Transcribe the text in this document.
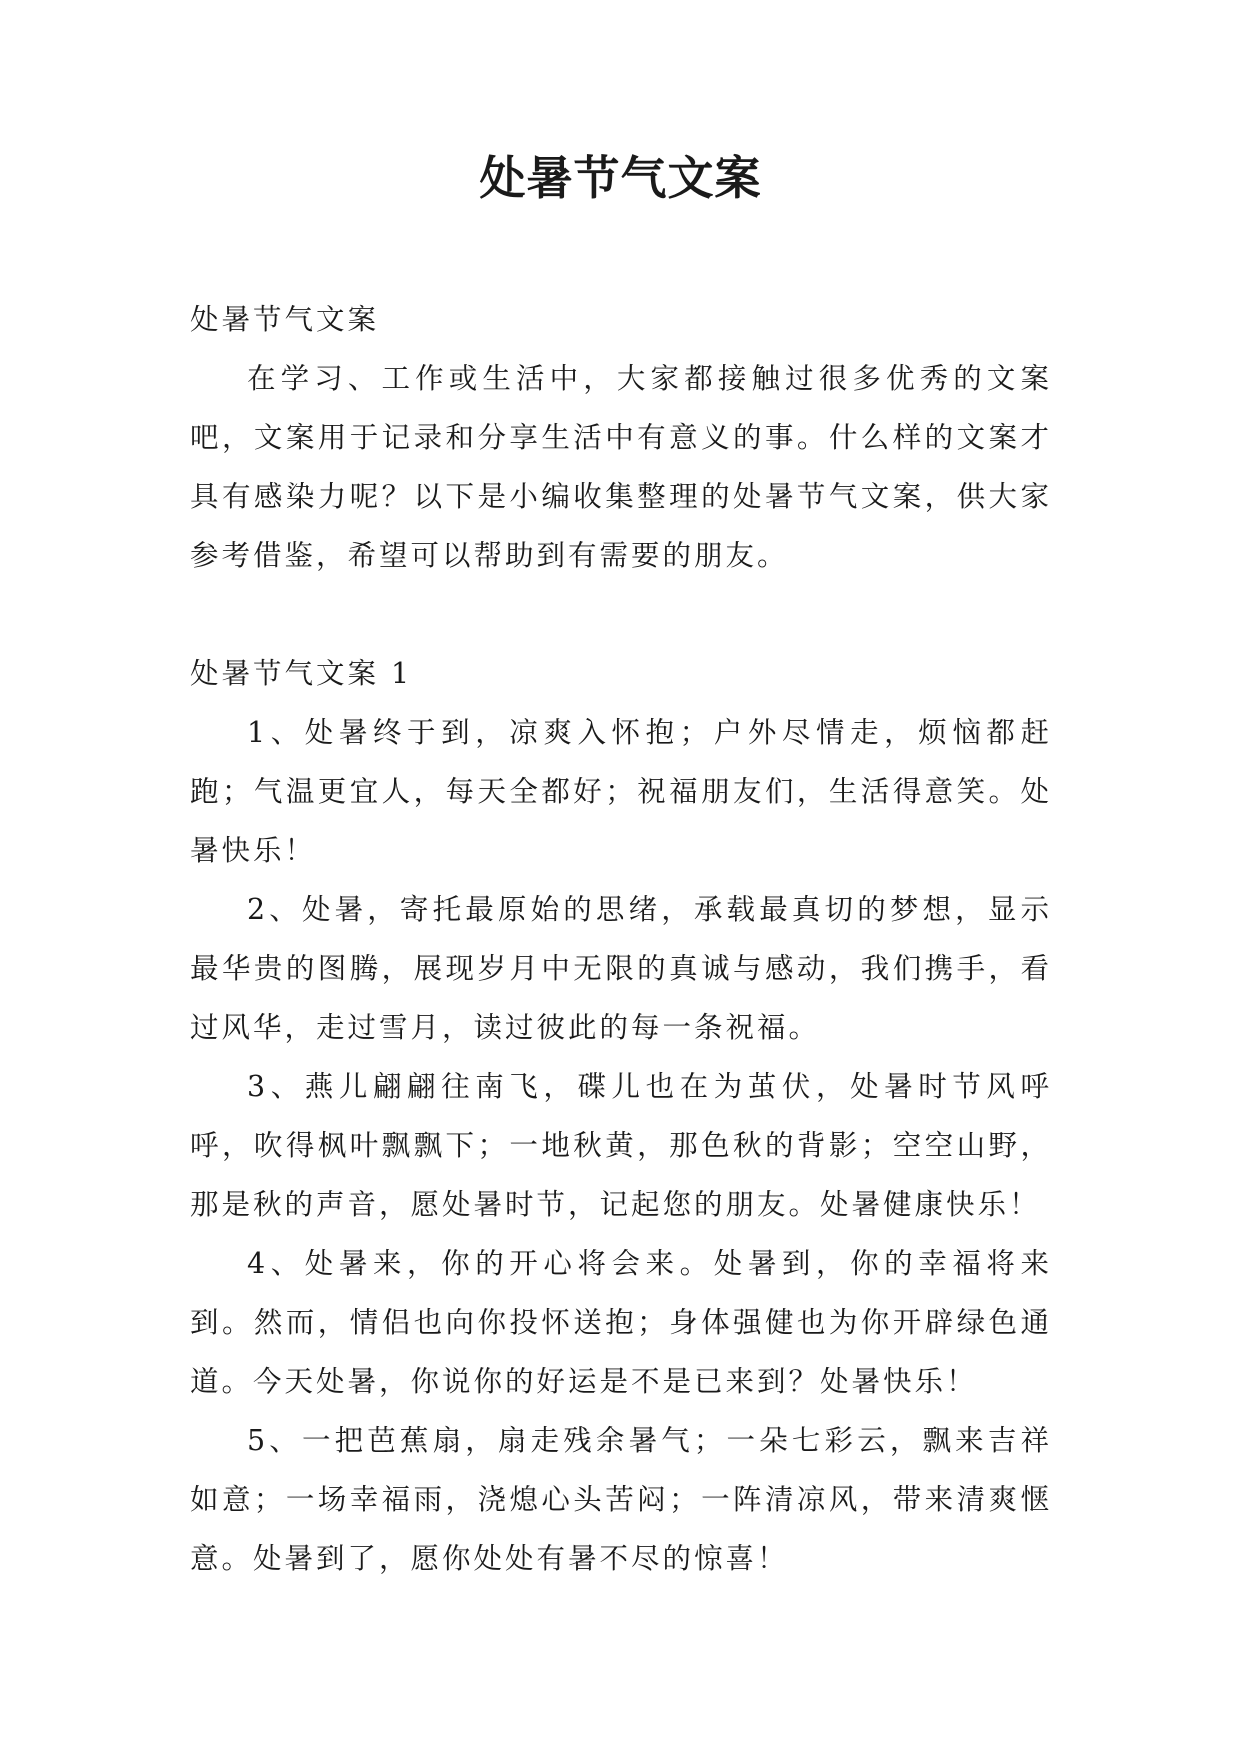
处暑节气文案

处暑节气文案

在学习、工作或生活中，大家都接触过很多优秀的文案吧，文案用于记录和分享生活中有意义的事。什么样的文案才具有感染力呢？以下是小编收集整理的处暑节气文案，供大家参考借鉴，希望可以帮助到有需要的朋友。

处暑节气文案 1

1、处暑终于到，凉爽入怀抱；户外尽情走，烦恼都赶跑；气温更宜人，每天全都好；祝福朋友们，生活得意笑。处暑快乐！

2、处暑，寄托最原始的思绪，承载最真切的梦想，显示最华贵的图腾，展现岁月中无限的真诚与感动，我们携手，看过风华，走过雪月，读过彼此的每一条祝福。

3、燕儿翩翩往南飞，碟儿也在为茧伏，处暑时节风呼呼，吹得枫叶飘飘下；一地秋黄，那色秋的背影；空空山野，那是秋的声音，愿处暑时节，记起您的朋友。处暑健康快乐！

4、处暑来，你的开心将会来。处暑到，你的幸福将来到。然而，情侣也向你投怀送抱；身体强健也为你开辟绿色通道。今天处暑，你说你的好运是不是已来到？处暑快乐！

5、一把芭蕉扇，扇走残余暑气；一朵七彩云，飘来吉祥如意；一场幸福雨，浇熄心头苦闷；一阵清凉风，带来清爽惬意。处暑到了，愿你处处有暑不尽的惊喜！
